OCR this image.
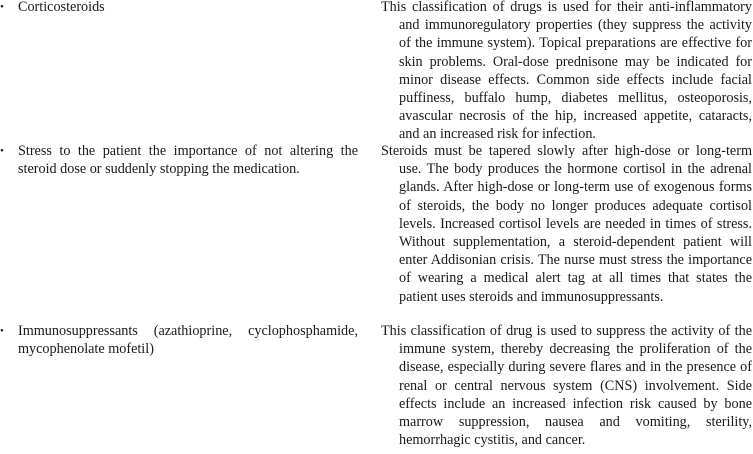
• Corticosteroids	This classification of drugs is used for their anti-inflammatory and immunoregulatory properties (they suppress the activity of the immune system). Topical preparations are effective for skin problems. Oral-dose prednisone may be indicated for minor disease effects. Common side effects include facial puffiness, buffalo hump, diabetes mellitus, osteoporosis, avascular necrosis of the hip, increased appetite, cataracts, and an increased risk for infection.
• Stress to the patient the importance of not altering the steroid dose or suddenly stopping the medication.
Steroids must be tapered slowly after high-dose or long-term use. The body produces the hormone cortisol in the adrenal glands. After high-dose or long-term use of exogenous forms of steroids, the body no longer produces adequate cortisol levels. Increased cortisol levels are needed in times of stress. Without supplementation, a steroid-dependent patient will enter Addisonian crisis. The nurse must stress the importance of wearing a medical alert tag at all times that states the patient uses steroids and immunosuppressants.
• Immunosuppressants (azathioprine, cyclophosphamide, mycophenolate mofetil)
This classification of drug is used to suppress the activity of the immune system, thereby decreasing the proliferation of the disease, especially during severe flares and in the presence of renal or central nervous system (CNS) involvement. Side effects include an increased infection risk caused by bone marrow suppression, nausea and vomiting, sterility, hemorrhagic cystitis, and cancer.
